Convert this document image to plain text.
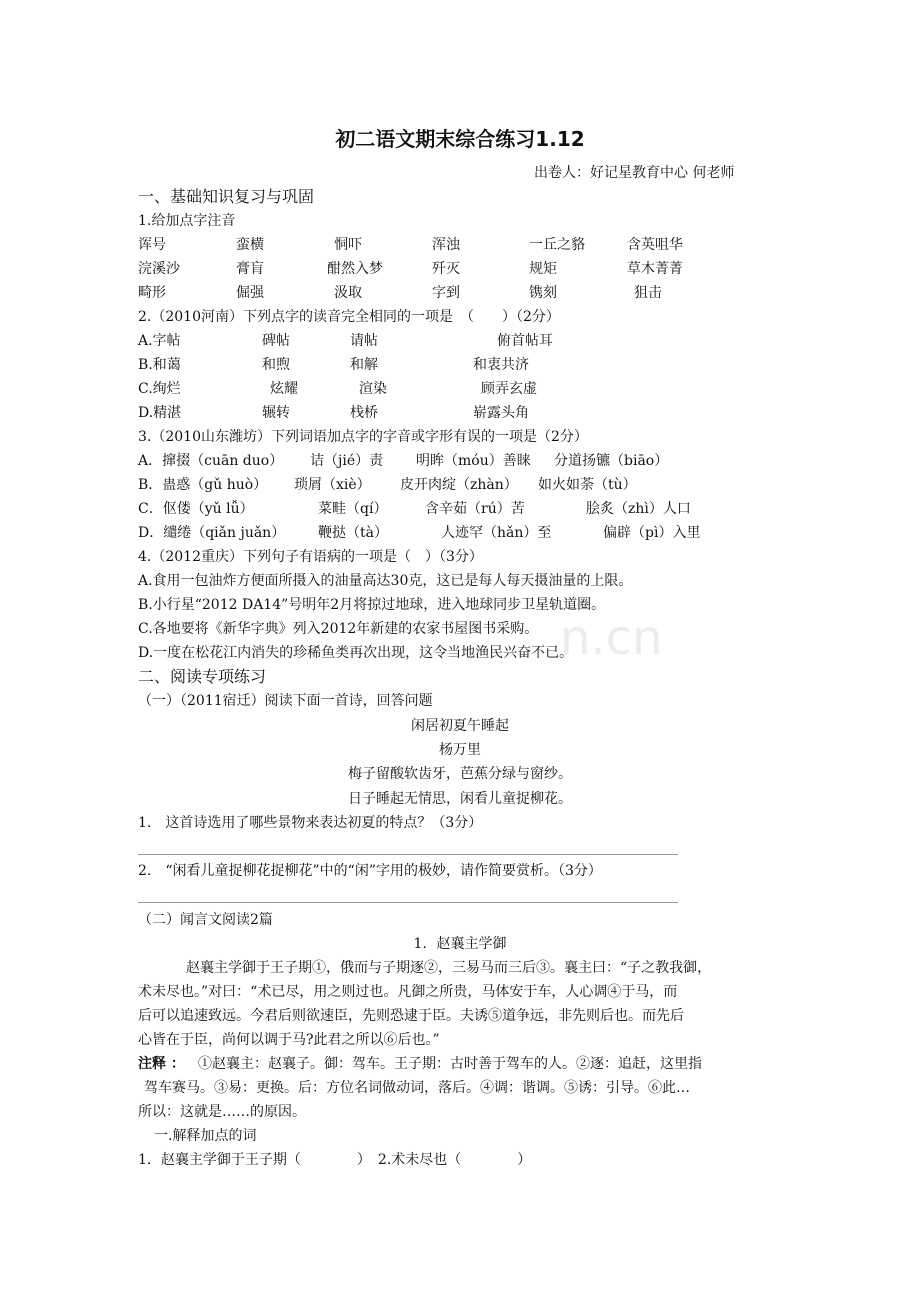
n.cn
初二语文期末综合练习1.12
出卷人：好记星教育中心 何老师
一、基础知识复习与巩固
1.给加点字注音
诨号	蛮横	恫吓	浑浊	一丘之貉	含英咀华
浣溪沙	膏肓	酣然入梦	歼灭	规矩	草木菁菁
畸形	倔强	汲取	字到	镌刻	狙击
2.（2010河南）下列点字的读音完全相同的一项是　（　　）（2分）
A.字帖	碑帖	请帖	俯首帖耳
B.和蔼	和煦	和解	和衷共济
C.绚烂	炫耀	渲染	顾弄玄虚
D.精湛	辗转	栈桥	崭露头角
3.（2010山东潍坊）下列词语加点字的字音或字形有误的一项是（2分）
A．撺掇（cuān duo） 诘（jié）责 明眸（móu）善睐 分道扬镳（biāo）
B．蛊惑（gǔ huò） 琐屑（xiè） 皮开肉绽（zhàn） 如火如荼（tù）
C．伛偻（yǔ lǚ）	菜畦（qí）	含辛茹（rú）苦	脍炙（zhì）人口
D．缱绻（qiǎn juǎn） 鞭挞（tà）	人迹罕（hǎn）至	偏辟（pì）入里
4.（2012重庆）下列句子有语病的一项是（　）（3分）
A.食用一包油炸方便面所摄入的油量高达30克，这已是每人每天摄油量的上限。
B.小行星“2012 DA14”号明年2月将掠过地球，进入地球同步卫星轨道圈。
C.各地要将《新华字典》列入2012年新建的农家书屋图书采购。
D.一度在松花江内消失的珍稀鱼类再次出现，这令当地渔民兴奋不已。
二、阅读专项练习
（一）（2011宿迁）阅读下面一首诗，回答问题
闲居初夏午睡起
杨万里
梅子留酸软齿牙，芭蕉分绿与窗纱。
日子睡起无情思，闲看儿童捉柳花。
1.　这首诗选用了哪些景物来表达初夏的特点？（3分）
2.　“闲看儿童捉柳花捉柳花”中的“闲”字用的极妙，请作简要赏析。（3分）
（二）闻言文阅读2篇
1．赵襄主学御
赵襄主学御于王子期①，俄而与子期逐②，三易马而三后③。襄主曰：“子之教我御，
术未尽也。”对曰：“术已尽，用之则过也。凡御之所贵，马体安于车，人心调④于马，而
后可以追速致远。今君后则欲速臣，先则恐逮于臣。夫诱⑤道争远，非先则后也。而先后
心皆在于臣，尚何以调于马?此君之所以⑥后也。”
注释 ： ①赵襄主：赵襄子。御：驾车。王子期：古时善于驾车的人。②逐：追赶，这里指
驾车赛马。③易：更换。后：方位名词做动词，落后。④调：谐调。⑤诱：引导。⑥此…
所以：这就是……的原因。
一.解释加点的词
1．赵襄主学御于王子期（　　　　）　2.术未尽也（　　　　）
